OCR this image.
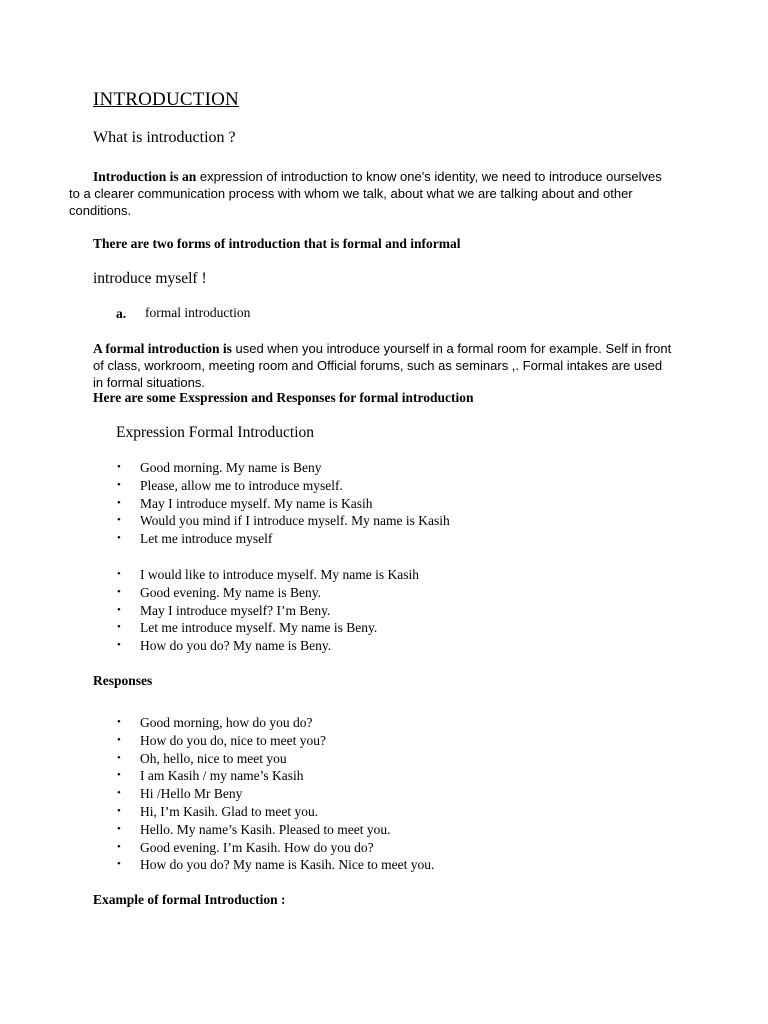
INTRODUCTION
What is introduction ?
Introduction is an expression of introduction to know one's identity, we need to introduce ourselves to a clearer communication process with whom we talk, about what we are talking about and other conditions.
There are two forms of introduction that is formal and informal
introduce myself !
a. formal introduction
A formal introduction is used when you introduce yourself in a formal room for example. Self in front of class, workroom, meeting room and Official forums, such as seminars ,. Formal intakes are used in formal situations.
Here are some Exspression and Responses for formal introduction
Expression Formal Introduction
• Good morning. My name is Beny
• Please, allow me to introduce myself.
• May I introduce myself. My name is Kasih
• Would you mind if I introduce myself. My name is Kasih
• Let me introduce myself
• I would like to introduce myself. My name is Kasih
• Good evening. My name is Beny.
• May I introduce myself? I’m Beny.
• Let me introduce myself. My name is Beny.
• How do you do? My name is Beny.
Responses
• Good morning, how do you do?
• How do you do, nice to meet you?
• Oh, hello, nice to meet you
• I am Kasih / my name’s Kasih
• Hi /Hello Mr Beny
• Hi, I’m Kasih. Glad to meet you.
• Hello. My name’s Kasih. Pleased to meet you.
• Good evening. I’m Kasih. How do you do?
• How do you do? My name is Kasih. Nice to meet you.
Example of formal Introduction :
